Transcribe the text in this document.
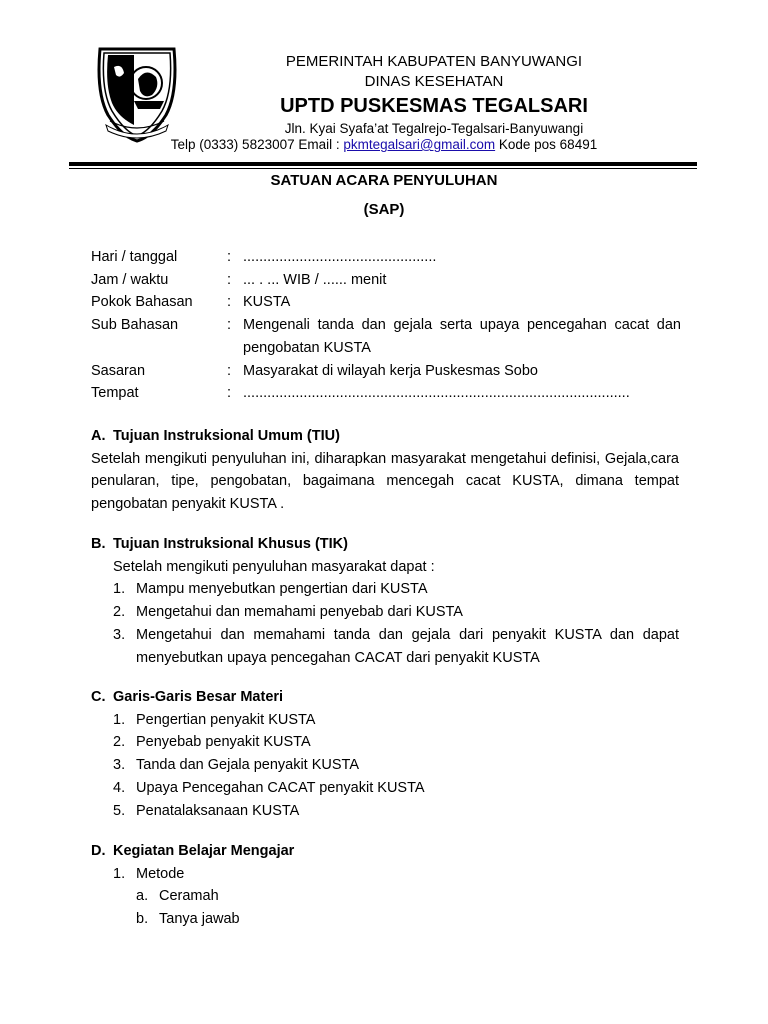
PEMERINTAH KABUPATEN BANYUWANGI
DINAS KESEHATAN
UPTD PUSKESMAS TEGALSARI
Jln. Kyai Syafa’at Tegalrejo-Tegalsari-Banyuwangi
Telp (0333) 5823007 Email : pkmtegalsari@gmail.com Kode pos 68491
SATUAN ACARA PENYULUHAN
(SAP)
Hari / tanggal	: ................................................
Jam / waktu	: ... . ... WIB / ...... menit
Pokok Bahasan	: KUSTA
Sub Bahasan	: Mengenali tanda dan gejala serta upaya pencegahan cacat dan pengobatan KUSTA
Sasaran	: Masyarakat di wilayah kerja Puskesmas Sobo
Tempat	: ................................................................................................
A. Tujuan Instruksional Umum (TIU)
Setelah mengikuti penyuluhan ini, diharapkan masyarakat mengetahui definisi, Gejala,cara penularan, tipe, pengobatan, bagaimana mencegah cacat KUSTA, dimana tempat pengobatan penyakit KUSTA .
B. Tujuan Instruksional Khusus (TIK)
Setelah mengikuti penyuluhan masyarakat dapat :
1. Mampu menyebutkan pengertian dari KUSTA
2. Mengetahui dan memahami penyebab dari KUSTA
3. Mengetahui dan memahami tanda dan gejala dari penyakit KUSTA dan dapat menyebutkan upaya pencegahan CACAT dari penyakit KUSTA
C. Garis-Garis Besar Materi
1. Pengertian penyakit KUSTA
2. Penyebab penyakit KUSTA
3. Tanda dan Gejala penyakit KUSTA
4. Upaya Pencegahan CACAT penyakit KUSTA
5. Penatalaksanaan KUSTA
D. Kegiatan Belajar Mengajar
1. Metode
a. Ceramah
b. Tanya jawab
